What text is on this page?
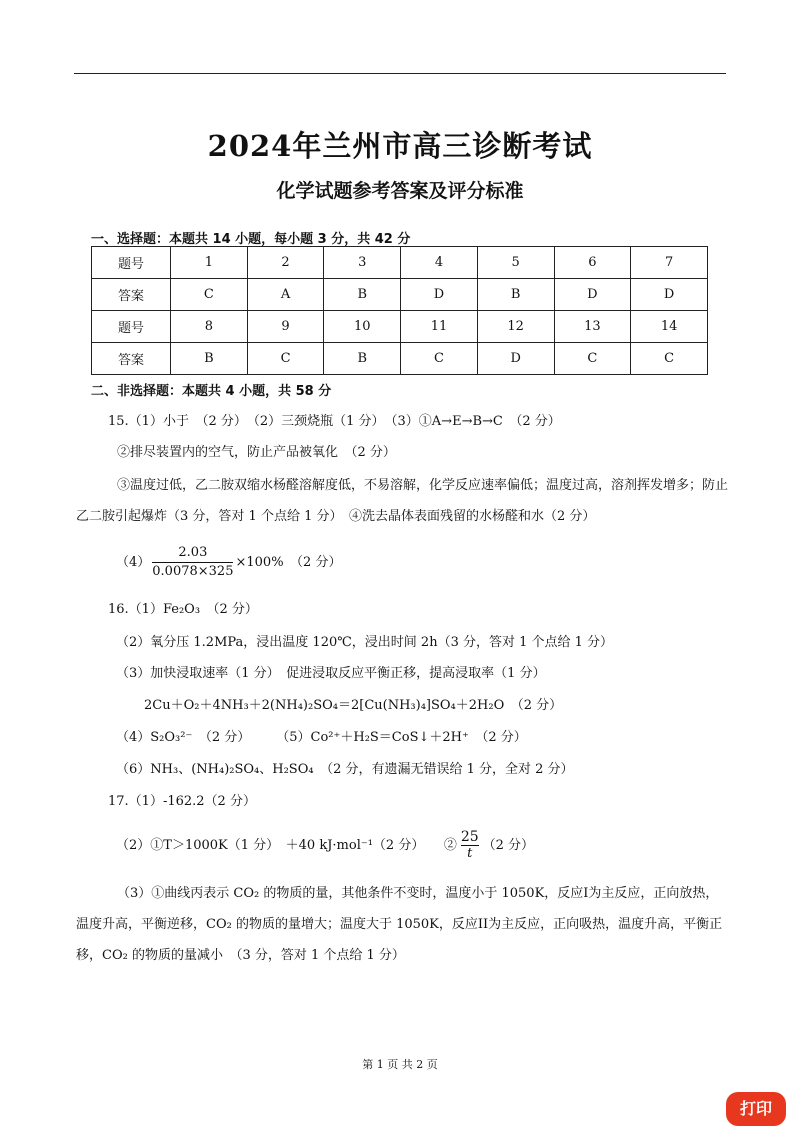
2024年兰州市高三诊断考试
化学试题参考答案及评分标准
一、选择题：本题共 14 小题，每小题 3 分，共 42 分
题号	1	2	3	4	5	6	7
答案	C	A	B	D	B	D	D
题号	8	9	10	11	12	13	14
答案	B	C	B	C	D	C	C
二、非选择题：本题共 4 小题，共 58 分
15.（1）小于　（2 分）　（2）三颈烧瓶（1 分）　（3）①A→E→B→C　（2 分）
②排尽装置内的空气，防止产品被氧化　（2 分）
③温度过低，乙二胺双缩水杨醛溶解度低，不易溶解，化学反应速率偏低；温度过高，溶剂挥发增多；防止乙二胺引起爆炸（3 分，答对 1 个点给 1 分）　④洗去晶体表面残留的水杨醛和水（2 分）
$(4) \frac{2.03}{0.0078\times 325} \times 100\%$　（2 分）
16.（1）Fe₂O₃　（2 分）
（2）氧分压 1.2MPa，浸出温度 120℃，浸出时间 2h（3 分，答对 1 个点给 1 分）
（3）加快浸取速率（1 分）　促进浸取反应平衡正移，提高浸取率（1 分）
2Cu＋O₂＋4NH₃＋2(NH₄)₂SO₄＝2[Cu(NH₃)₄]SO₄＋2H₂O　（2 分）
（4）S₂O₃²⁻　（2 分）　　　（5）Co²⁺＋H₂S＝CoS↓＋2H⁺　（2 分）
（6）NH₃、(NH₄)₂SO₄、H₂SO₄　（2 分，有遗漏无错误给 1 分，全对 2 分）
17.（1）-162.2（2 分）
（2）①T＞1000K（1 分）　＋40 kJ·mol⁻¹（2 分）　　② $\frac{25}{t} (2$ 分）
（3）①曲线丙表示 CO₂ 的物质的量，其他条件不变时，温度小于 1050K，反应I为主反应，正向放热，温度升高，平衡逆移，CO₂ 的物质的量增大；温度大于 1050K，反应II为主反应，正向吸热，温度升高，平衡正移，CO₂ 的物质的量减小　（3 分，答对 1 个点给 1 分）
第 1 页 共 2 页
打印
